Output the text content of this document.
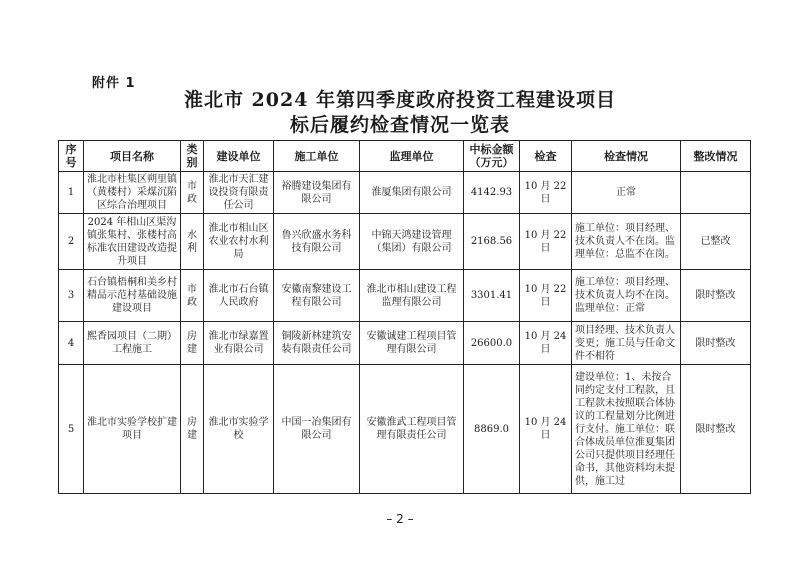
附件 1
淮北市 2024 年第四季度政府投资工程建设项目
标后履约检查情况一览表
序号	项目名称	类别	建设单位	施工单位	监理单位	中标金额（万元）	检查	检查情况	整改情况
1	淮北市杜集区朔里镇（黄楼村）采煤沉陷区综合治理项目	市政	淮北市天汇建设投资有限责任公司	裕腾建设集团有限公司	淮厦集团有限公司	4142.93	10 月 22 日	正常	
2	2024 年相山区渠沟镇张集村、张楼村高标准农田建设改造提升项目	水利	淮北市相山区农业农村水利局	鲁兴欣盛水务科技有限公司	中锦天鸿建设管理（集团）有限公司	2168.56	10 月 22 日	施工单位：项目经理、技术负责人不在岗。监理单位：总监不在岗。	已整改
3	石台镇梧桐和美乡村精品示范村基础设施建设项目	市政	淮北市石台镇人民政府	安徽南黎建设工程有限公司	淮北市相山建设工程监理有限公司	3301.41	10 月 22 日	施工单位：项目经理、技术负责人均不在岗。监理单位：正常	限时整改
4	熙香园项目（二期）工程施工	房建	淮北市绿嘉置业有限公司	铜陵新林建筑安装有限责任公司	安徽诚建工程项目管理有限公司	26600.0	10 月 24 日	项目经理、技术负责人变更；施工员与任命文件不相符	限时整改
5	淮北市实验学校扩建项目	房建	淮北市实验学校	中国一冶集团有限公司	安徽淮武工程项目管理有限责任公司	8869.0	10 月 24 日	建设单位：1、未按合同约定支付工程款，且工程款未按照联合体协议的工程量划分比例进行支付。施工单位：联合体成员单位淮夏集团公司只提供项目经理任命书，其他资料均未提供，施工过	限时整改
– 2 –
